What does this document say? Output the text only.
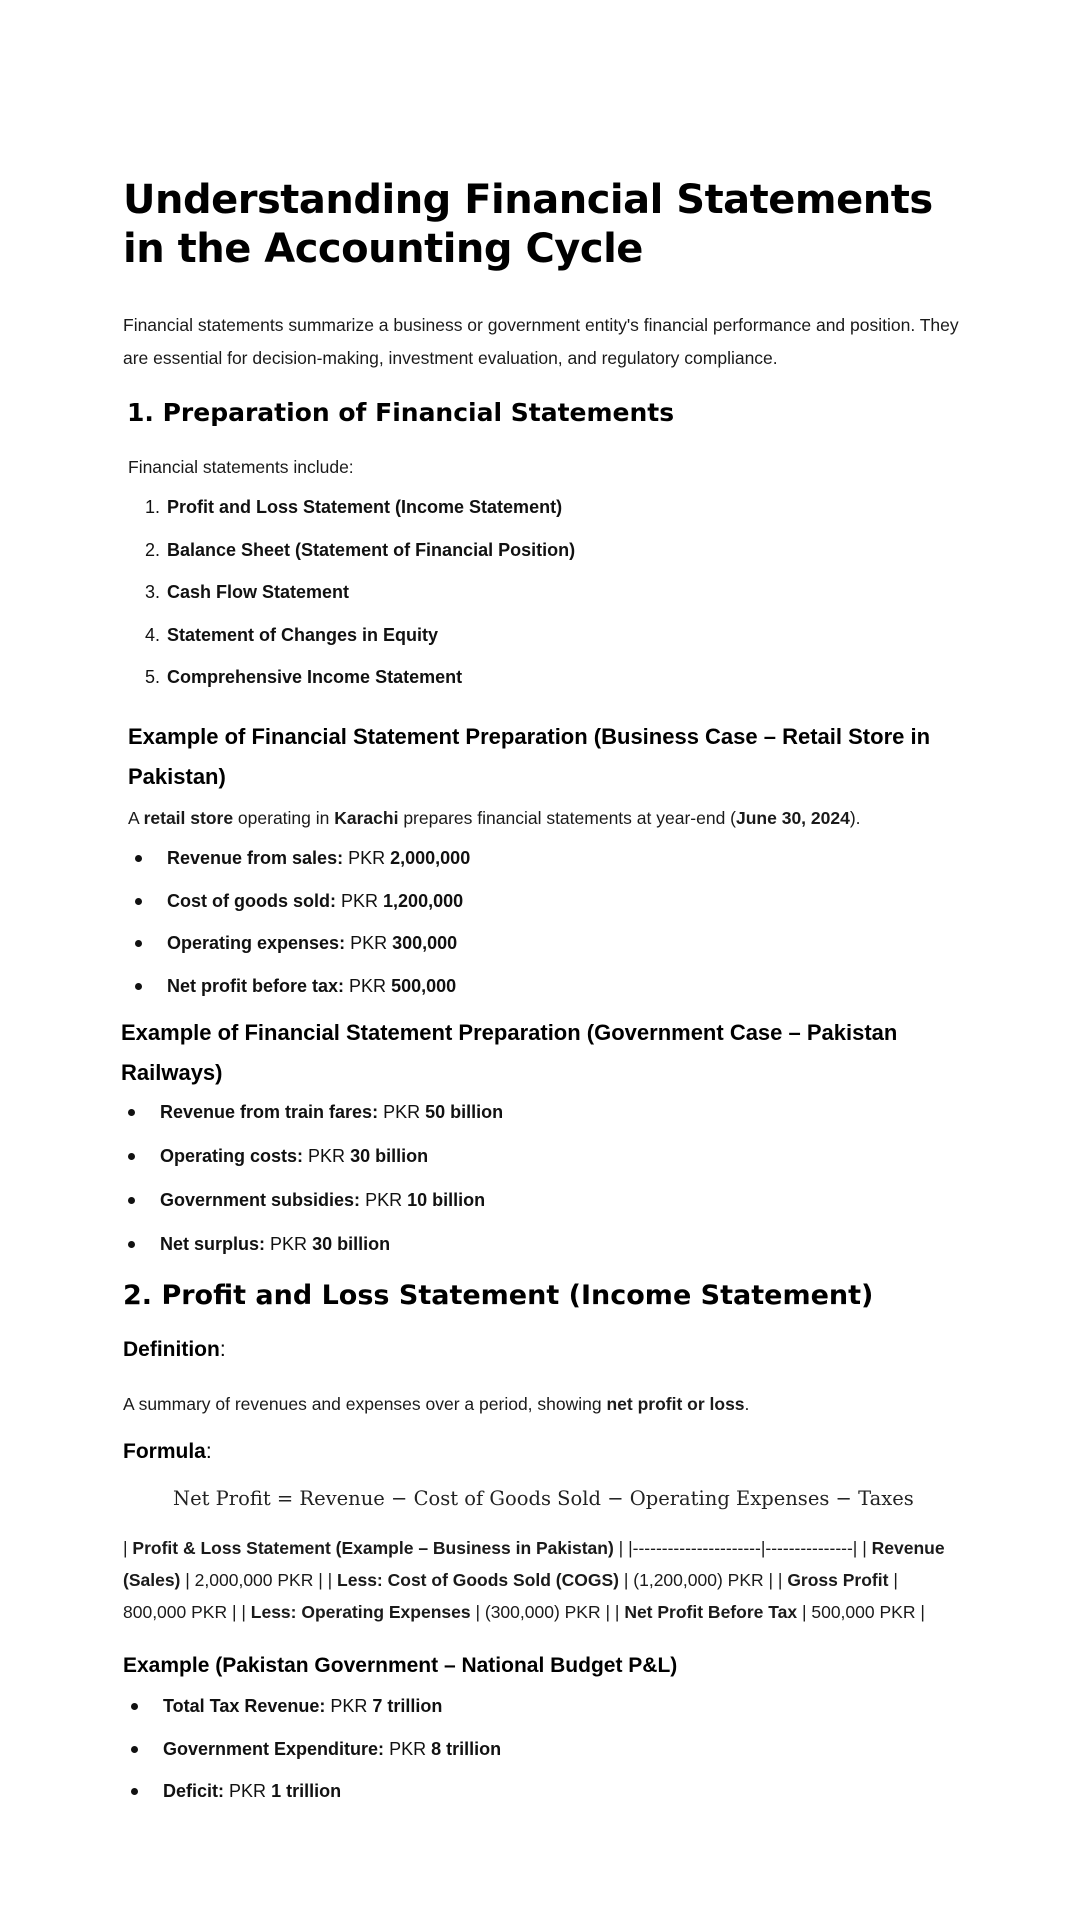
Understanding Financial Statements in the Accounting Cycle

Financial statements summarize a business or government entity's financial performance and position. They are essential for decision-making, investment evaluation, and regulatory compliance.

1. Preparation of Financial Statements

Financial statements include:

1. Profit and Loss Statement (Income Statement)
2. Balance Sheet (Statement of Financial Position)
3. Cash Flow Statement
4. Statement of Changes in Equity
5. Comprehensive Income Statement
Example of Financial Statement Preparation (Business Case – Retail Store in Pakistan)

A retail store operating in Karachi prepares financial statements at year-end (June 30, 2024).

Revenue from sales: PKR 2,000,000
Cost of goods sold: PKR 1,200,000
Operating expenses: PKR 300,000
Net profit before tax: PKR 500,000
Example of Financial Statement Preparation (Government Case – Pakistan Railways)
Revenue from train fares: PKR 50 billion
Operating costs: PKR 30 billion
Government subsidies: PKR 10 billion
Net surplus: PKR 30 billion
2. Profit and Loss Statement (Income Statement)

Definition:

A summary of revenues and expenses over a period, showing net profit or loss.

Formula:

Net Profit = Revenue − Cost of Goods Sold − Operating Expenses − Taxes

| Profit & Loss Statement (Example – Business in Pakistan) | |----------------------|---------------| | Revenue (Sales) | 2,000,000 PKR | | Less: Cost of Goods Sold (COGS) | (1,200,000) PKR | | Gross Profit | 800,000 PKR | | Less: Operating Expenses | (300,000) PKR | | Net Profit Before Tax | 500,000 PKR |

Example (Pakistan Government – National Budget P&L)

Total Tax Revenue: PKR 7 trillion
Government Expenditure: PKR 8 trillion
Deficit: PKR 1 trillion
